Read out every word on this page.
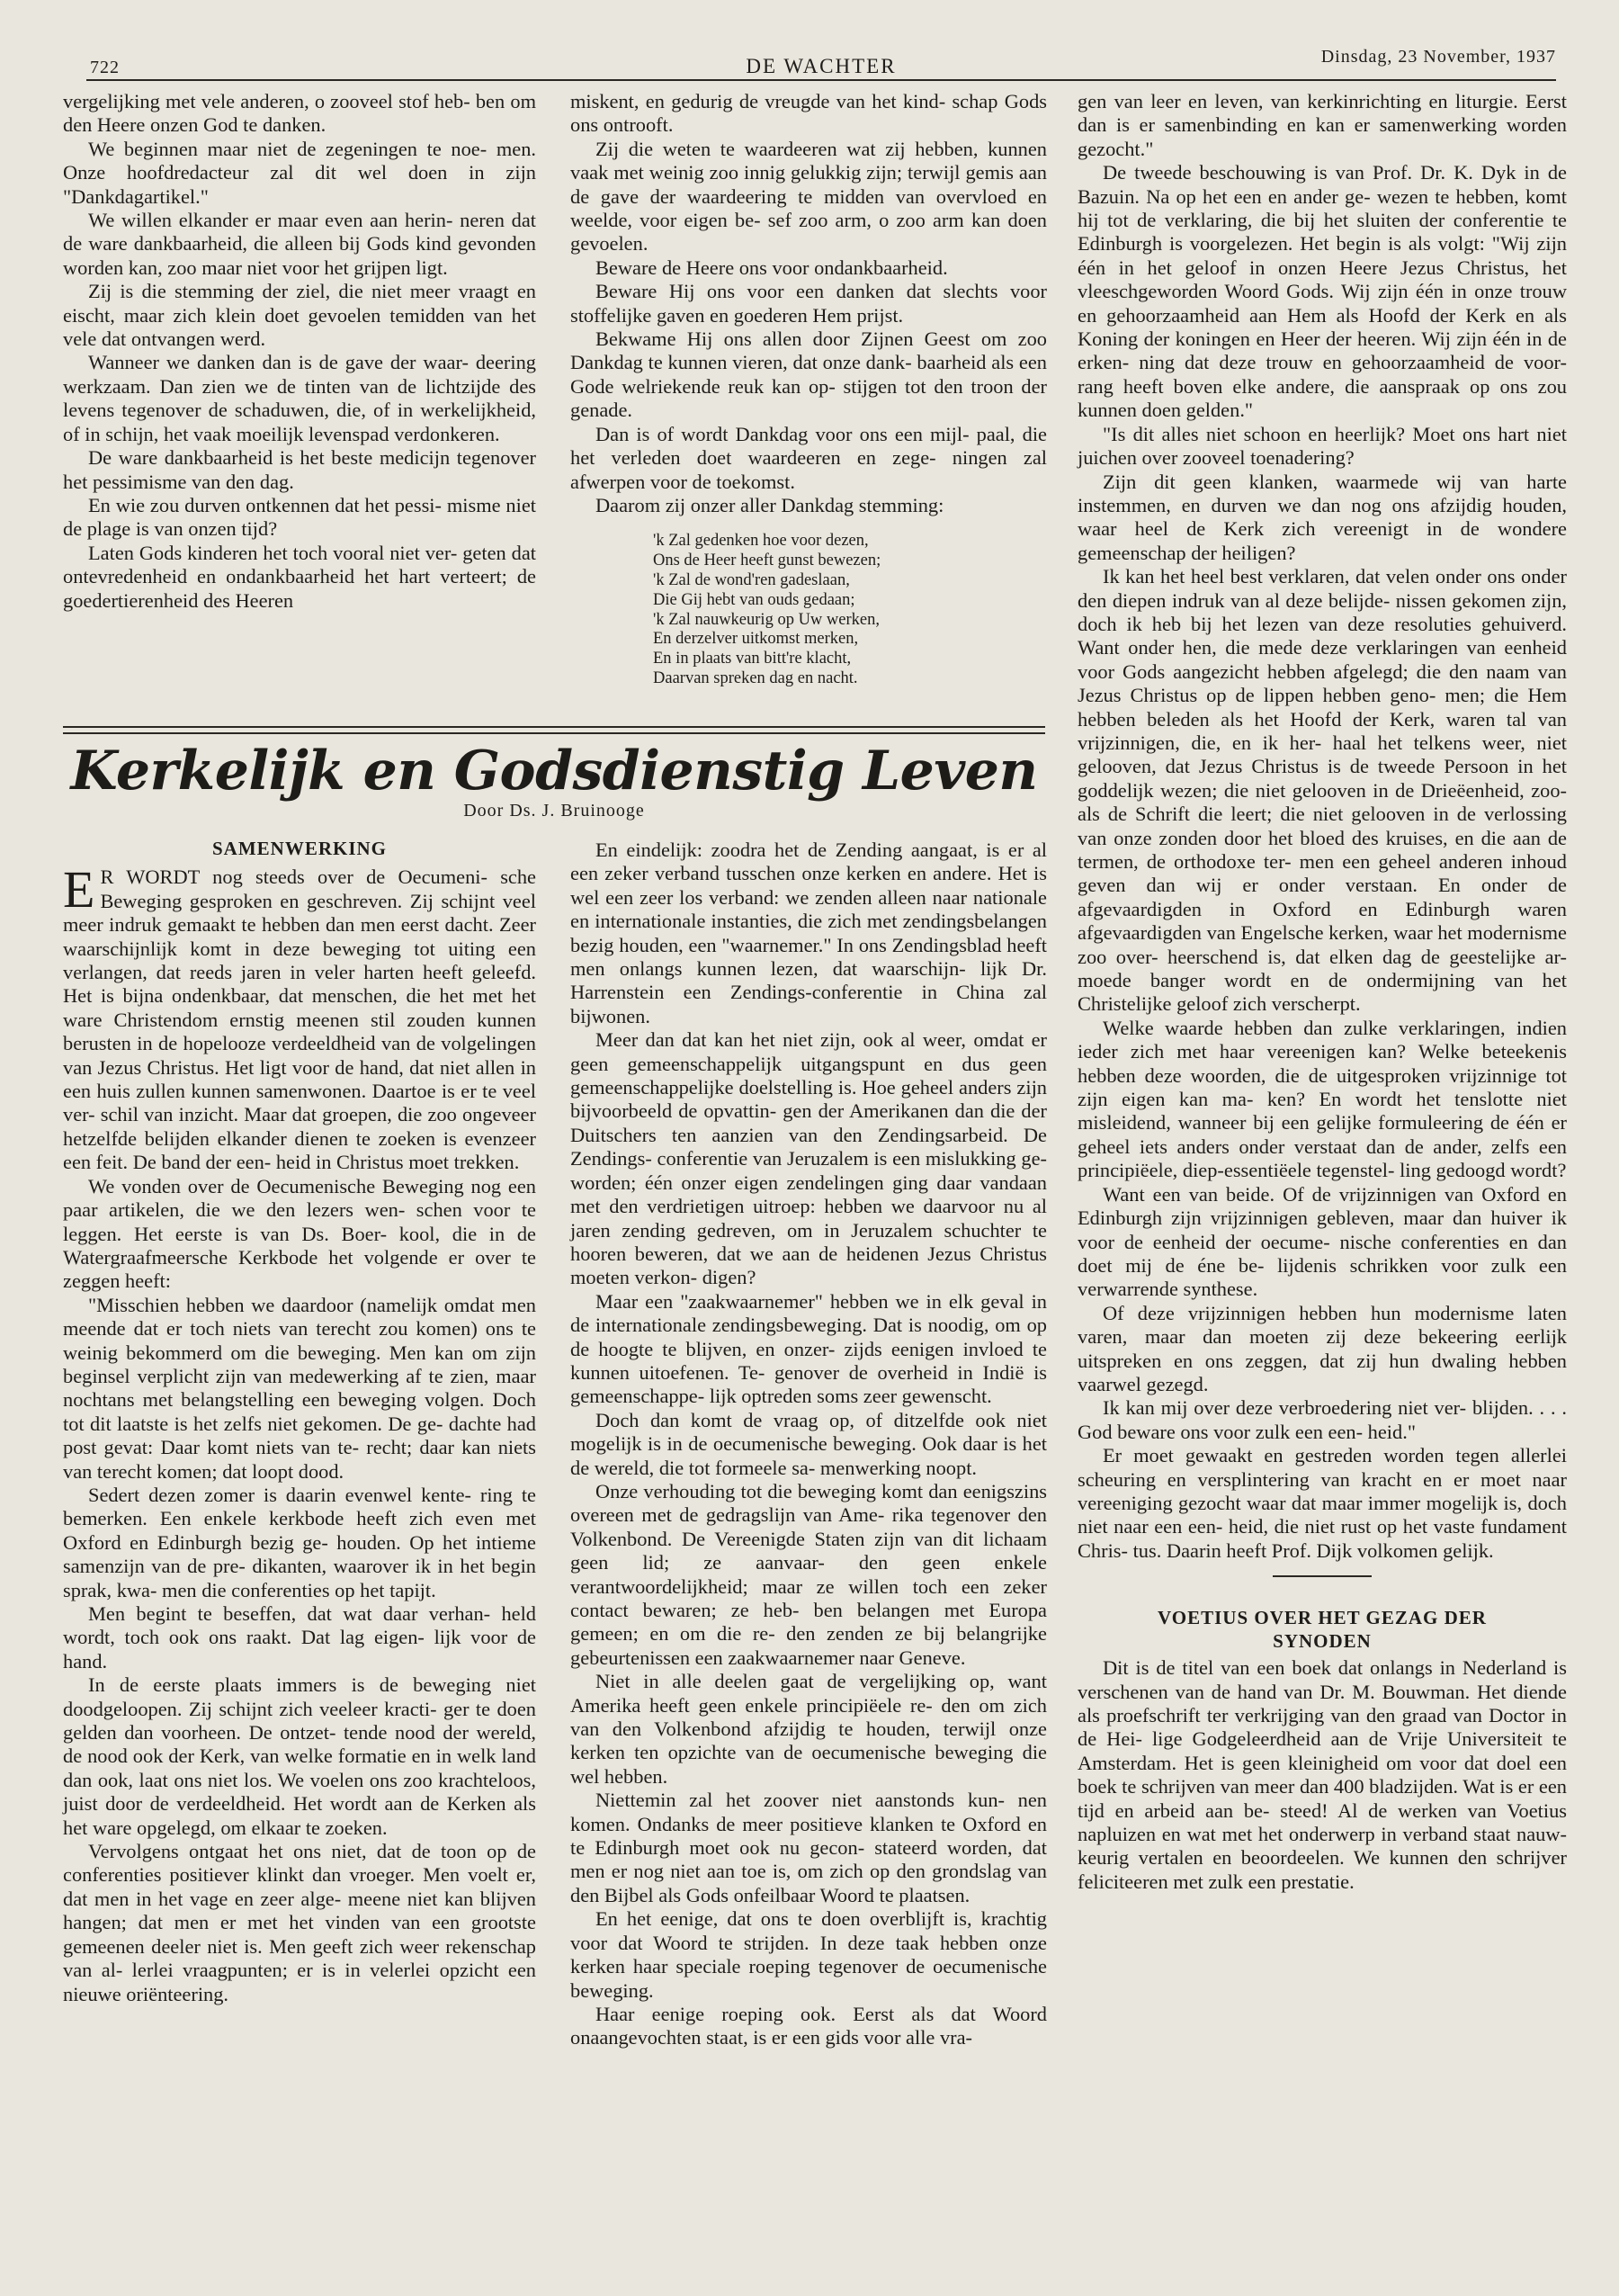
722	DE WACHTER	Dinsdag, 23 November, 1937

vergelijking met vele anderen, o zooveel stof heb- ben om den Heere onzen God te danken.

We beginnen maar niet de zegeningen te noe- men. Onze hoofdredacteur zal dit wel doen in zijn "Dankdagartikel."

We willen elkander er maar even aan herin- neren dat de ware dankbaarheid, die alleen bij Gods kind gevonden worden kan, zoo maar niet voor het grijpen ligt.

Zij is die stemming der ziel, die niet meer vraagt en eischt, maar zich klein doet gevoelen temidden van het vele dat ontvangen werd.

Wanneer we danken dan is de gave der waar- deering werkzaam. Dan zien we de tinten van de lichtzijde des levens tegenover de schaduwen, die, of in werkelijkheid, of in schijn, het vaak moeilijk levenspad verdonkeren.

De ware dankbaarheid is het beste medicijn tegenover het pessimisme van den dag.

En wie zou durven ontkennen dat het pessi- misme niet de plage is van onzen tijd?

Laten Gods kinderen het toch vooral niet ver- geten dat ontevredenheid en ondankbaarheid het hart verteert; de goedertierenheid des Heeren

miskent, en gedurig de vreugde van het kind- schap Gods ons ontrooft.

Zij die weten te waardeeren wat zij hebben, kunnen vaak met weinig zoo innig gelukkig zijn; terwijl gemis aan de gave der waardeering te midden van overvloed en weelde, voor eigen be- sef zoo arm, o zoo arm kan doen gevoelen.

Beware de Heere ons voor ondankbaarheid.

Beware Hij ons voor een danken dat slechts voor stoffelijke gaven en goederen Hem prijst.

Bekwame Hij ons allen door Zijnen Geest om zoo Dankdag te kunnen vieren, dat onze dank- baarheid als een Gode welriekende reuk kan op- stijgen tot den troon der genade.

Dan is of wordt Dankdag voor ons een mijl- paal, die het verleden doet waardeeren en zege- ningen zal afwerpen voor de toekomst.

Daarom zij onzer aller Dankdag stemming:

'k Zal gedenken hoe voor dezen,
Ons de Heer heeft gunst bewezen;
'k Zal de wond'ren gadeslaan,
Die Gij hebt van ouds gedaan;
'k Zal nauwkeurig op Uw werken,
En derzelver uitkomst merken,
En in plaats van bitt're klacht,
Daarvan spreken dag en nacht.

gen van leer en leven, van kerkinrichting en liturgie. Eerst dan is er samenbinding en kan er samenwerking worden gezocht."

De tweede beschouwing is van Prof. Dr. K. Dyk in de Bazuin. Na op het een en ander ge- wezen te hebben, komt hij tot de verklaring, die bij het sluiten der conferentie te Edinburgh is voorgelezen. Het begin is als volgt: "Wij zijn één in het geloof in onzen Heere Jezus Christus, het vleeschgeworden Woord Gods. Wij zijn één in onze trouw en gehoorzaamheid aan Hem als Hoofd der Kerk en als Koning der koningen en Heer der heeren. Wij zijn één in de erken- ning dat deze trouw en gehoorzaamheid de voor- rang heeft boven elke andere, die aanspraak op ons zou kunnen doen gelden."

"Is dit alles niet schoon en heerlijk? Moet ons hart niet juichen over zooveel toenadering?

Zijn dit geen klanken, waarmede wij van harte instemmen, en durven we dan nog ons afzijdig houden, waar heel de Kerk zich vereenigt in de wondere gemeenschap der heiligen?

Ik kan het heel best verklaren, dat velen onder ons onder den diepen indruk van al deze belijde- nissen gekomen zijn, doch ik heb bij het lezen van deze resoluties gehuiverd. Want onder hen, die mede deze verklaringen van eenheid voor Gods aangezicht hebben afgelegd; die den naam van Jezus Christus op de lippen hebben geno- men; die Hem hebben beleden als het Hoofd der Kerk, waren tal van vrijzinnigen, die, en ik her- haal het telkens weer, niet gelooven, dat Jezus Christus is de tweede Persoon in het goddelijk wezen; die niet gelooven in de Drieëenheid, zoo- als de Schrift die leert; die niet gelooven in de verlossing van onze zonden door het bloed des kruises, en die aan de termen, de orthodoxe ter- men een geheel anderen inhoud geven dan wij er onder verstaan. En onder de afgevaardigden in Oxford en Edinburgh waren afgevaardigden van Engelsche kerken, waar het modernisme zoo over- heerschend is, dat elken dag de geestelijke ar- moede banger wordt en de ondermijning van het Christelijke geloof zich verscherpt.

Welke waarde hebben dan zulke verklaringen, indien ieder zich met haar vereenigen kan? Welke beteekenis hebben deze woorden, die de uitgesproken vrijzinnige tot zijn eigen kan ma- ken? En wordt het tenslotte niet misleidend, wanneer bij een gelijke formuleering de één er geheel iets anders onder verstaat dan de ander, zelfs een principiëele, diep-essentiëele tegenstel- ling gedoogd wordt?

Want een van beide. Of de vrijzinnigen van Oxford en Edinburgh zijn vrijzinnigen gebleven, maar dan huiver ik voor de eenheid der oecume- nische conferenties en dan doet mij de éne be- lijdenis schrikken voor zulk een verwarrende synthese.

Of deze vrijzinnigen hebben hun modernisme laten varen, maar dan moeten zij deze bekeering eerlijk uitspreken en ons zeggen, dat zij hun dwaling hebben vaarwel gezegd.

Ik kan mij over deze verbroedering niet ver- blijden. . . . God beware ons voor zulk een een- heid."

Er moet gewaakt en gestreden worden tegen allerlei scheuring en versplintering van kracht en er moet naar vereeniging gezocht waar dat maar immer mogelijk is, doch niet naar een een- heid, die niet rust op het vaste fundament Chris- tus. Daarin heeft Prof. Dijk volkomen gelijk.

VOETIUS OVER HET GEZAG DER
SYNODEN

Dit is de titel van een boek dat onlangs in Nederland is verschenen van de hand van Dr. M. Bouwman. Het diende als proefschrift ter verkrijging van den graad van Doctor in de Hei- lige Godgeleerdheid aan de Vrije Universiteit te Amsterdam. Het is geen kleinigheid om voor dat doel een boek te schrijven van meer dan 400 bladzijden. Wat is er een tijd en arbeid aan be- steed! Al de werken van Voetius napluizen en wat met het onderwerp in verband staat nauw- keurig vertalen en beoordeelen. We kunnen den schrijver feliciteeren met zulk een prestatie.

Kerkelijk en Godsdienstig Leven
Door Ds. J. Bruinooge
SAMENWERKING

E R WORDT nog steeds over de Oecumeni- sche Beweging gesproken en geschreven. Zij schijnt veel meer indruk gemaakt te hebben dan men eerst dacht. Zeer waarschijnlijk komt in deze beweging tot uiting een verlangen, dat reeds jaren in veler harten heeft geleefd. Het is bijna ondenkbaar, dat menschen, die het met het ware Christendom ernstig meenen stil zouden kunnen berusten in de hopelooze verdeeldheid van de volgelingen van Jezus Christus. Het ligt voor de hand, dat niet allen in een huis zullen kunnen samenwonen. Daartoe is er te veel ver- schil van inzicht. Maar dat groepen, die zoo ongeveer hetzelfde belijden elkander dienen te zoeken is evenzeer een feit. De band der een- heid in Christus moet trekken.

We vonden over de Oecumenische Beweging nog een paar artikelen, die we den lezers wen- schen voor te leggen. Het eerste is van Ds. Boer- kool, die in de Watergraafmeersche Kerkbode het volgende er over te zeggen heeft:

"Misschien hebben we daardoor (namelijk omdat men meende dat er toch niets van terecht zou komen) ons te weinig bekommerd om die beweging. Men kan om zijn beginsel verplicht zijn van medewerking af te zien, maar nochtans met belangstelling een beweging volgen. Doch tot dit laatste is het zelfs niet gekomen. De ge- dachte had post gevat: Daar komt niets van te- recht; daar kan niets van terecht komen; dat loopt dood.

Sedert dezen zomer is daarin evenwel kente- ring te bemerken. Een enkele kerkbode heeft zich even met Oxford en Edinburgh bezig ge- houden. Op het intieme samenzijn van de pre- dikanten, waarover ik in het begin sprak, kwa- men die conferenties op het tapijt.

Men begint te beseffen, dat wat daar verhan- held wordt, toch ook ons raakt. Dat lag eigen- lijk voor de hand.

In de eerste plaats immers is de beweging niet doodgeloopen. Zij schijnt zich veeleer kracti- ger te doen gelden dan voorheen. De ontzet- tende nood der wereld, de nood ook der Kerk, van welke formatie en in welk land dan ook, laat ons niet los. We voelen ons zoo krachteloos, juist door de verdeeldheid. Het wordt aan de Kerken als het ware opgelegd, om elkaar te zoeken.

Vervolgens ontgaat het ons niet, dat de toon op de conferenties positiever klinkt dan vroeger. Men voelt er, dat men in het vage en zeer alge- meene niet kan blijven hangen; dat men er met het vinden van een grootste gemeenen deeler niet is. Men geeft zich weer rekenschap van al- lerlei vraagpunten; er is in velerlei opzicht een nieuwe oriënteering.

En eindelijk: zoodra het de Zending aangaat, is er al een zeker verband tusschen onze kerken en andere. Het is wel een zeer los verband: we zenden alleen naar nationale en internationale instanties, die zich met zendingsbelangen bezig houden, een "waarnemer." In ons Zendingsblad heeft men onlangs kunnen lezen, dat waarschijn- lijk Dr. Harrenstein een Zendings-conferentie in China zal bijwonen.

Meer dan dat kan het niet zijn, ook al weer, omdat er geen gemeenschappelijk uitgangspunt en dus geen gemeenschappelijke doelstelling is. Hoe geheel anders zijn bijvoorbeeld de opvattin- gen der Amerikanen dan die der Duitschers ten aanzien van den Zendingsarbeid. De Zendings- conferentie van Jeruzalem is een mislukking ge- worden; één onzer eigen zendelingen ging daar vandaan met den verdrietigen uitroep: hebben we daarvoor nu al jaren zending gedreven, om in Jeruzalem schuchter te hooren beweren, dat we aan de heidenen Jezus Christus moeten verkon- digen?

Maar een "zaakwaarnemer" hebben we in elk geval in de internationale zendingsbeweging. Dat is noodig, om op de hoogte te blijven, en onzer- zijds eenigen invloed te kunnen uitoefenen. Te- genover de overheid in Indië is gemeenschappe- lijk optreden soms zeer gewenscht.

Doch dan komt de vraag op, of ditzelfde ook niet mogelijk is in de oecumenische beweging. Ook daar is het de wereld, die tot formeele sa- menwerking noopt.

Onze verhouding tot die beweging komt dan eenigszins overeen met de gedragslijn van Ame- rika tegenover den Volkenbond. De Vereenigde Staten zijn van dit lichaam geen lid; ze aanvaar- den geen enkele verantwoordelijkheid; maar ze willen toch een zeker contact bewaren; ze heb- ben belangen met Europa gemeen; en om die re- den zenden ze bij belangrijke gebeurtenissen een zaakwaarnemer naar Geneve.

Niet in alle deelen gaat de vergelijking op, want Amerika heeft geen enkele principiëele re- den om zich van den Volkenbond afzijdig te houden, terwijl onze kerken ten opzichte van de oecumenische beweging die wel hebben.

Niettemin zal het zoover niet aanstonds kun- nen komen. Ondanks de meer positieve klanken te Oxford en te Edinburgh moet ook nu gecon- stateerd worden, dat men er nog niet aan toe is, om zich op den grondslag van den Bijbel als Gods onfeilbaar Woord te plaatsen.

En het eenige, dat ons te doen overblijft is, krachtig voor dat Woord te strijden. In deze taak hebben onze kerken haar speciale roeping tegenover de oecumenische beweging.

Haar eenige roeping ook. Eerst als dat Woord onaangevochten staat, is er een gids voor alle vra-
